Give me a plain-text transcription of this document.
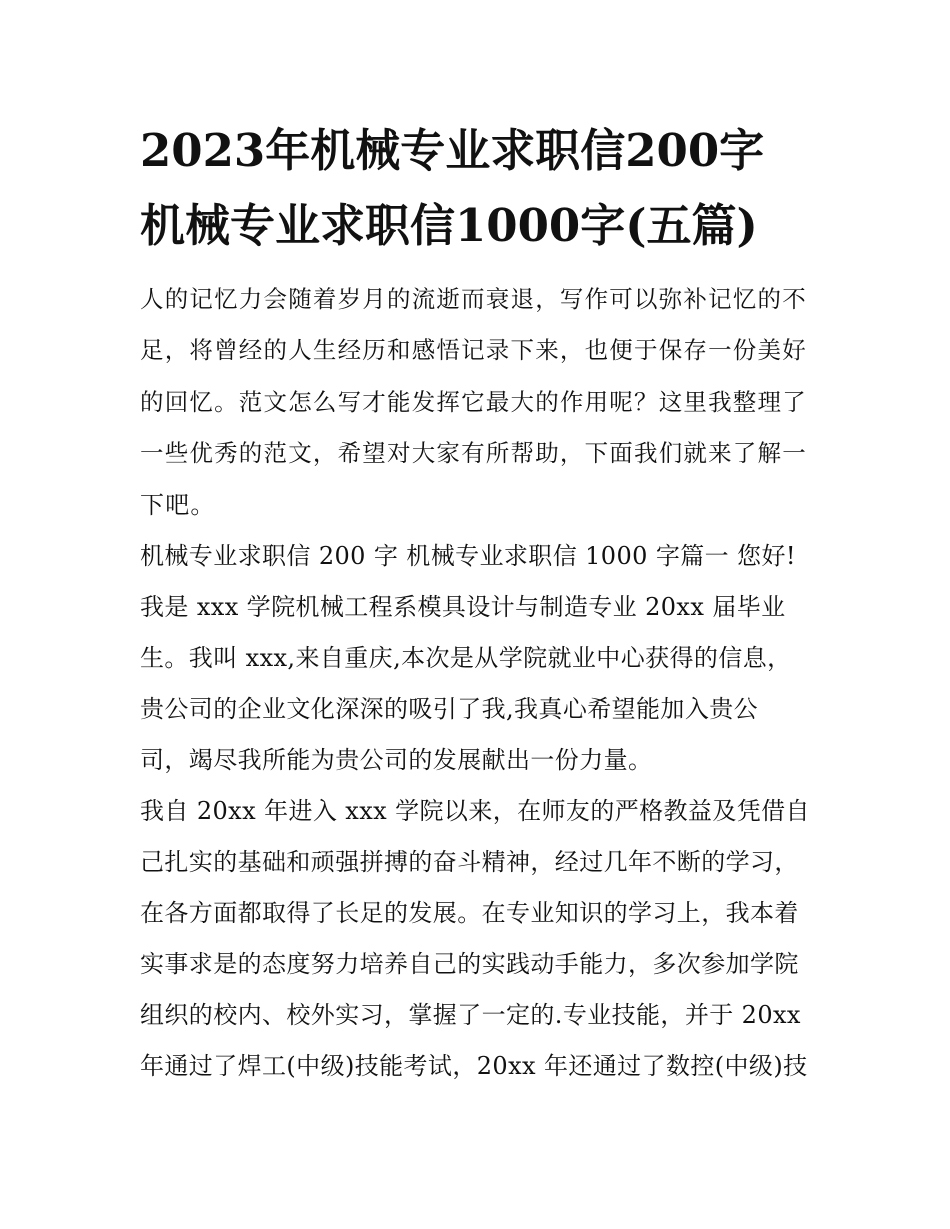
2023年机械专业求职信200字
机械专业求职信1000字(五篇)
人的记忆力会随着岁月的流逝而衰退，写作可以弥补记忆的不
足，将曾经的人生经历和感悟记录下来，也便于保存一份美好
的回忆。范文怎么写才能发挥它最大的作用呢？这里我整理了
一些优秀的范文，希望对大家有所帮助，下面我们就来了解一
下吧。
机械专业求职信 200 字 机械专业求职信 1000 字篇一 您好!
我是 xxx 学院机械工程系模具设计与制造专业 20xx 届毕业
生。我叫 xxx,来自重庆,本次是从学院就业中心获得的信息，
贵公司的企业文化深深的吸引了我,我真心希望能加入贵公
司，竭尽我所能为贵公司的发展献出一份力量。
我自 20xx 年进入 xxx 学院以来，在师友的严格教益及凭借自
己扎实的基础和顽强拼搏的奋斗精神，经过几年不断的学习，
在各方面都取得了长足的发展。在专业知识的学习上，我本着
实事求是的态度努力培养自己的实践动手能力，多次参加学院
组织的校内、校外实习，掌握了一定的.专业技能，并于 20xx
年通过了焊工(中级)技能考试，20xx 年还通过了数控(中级)技
